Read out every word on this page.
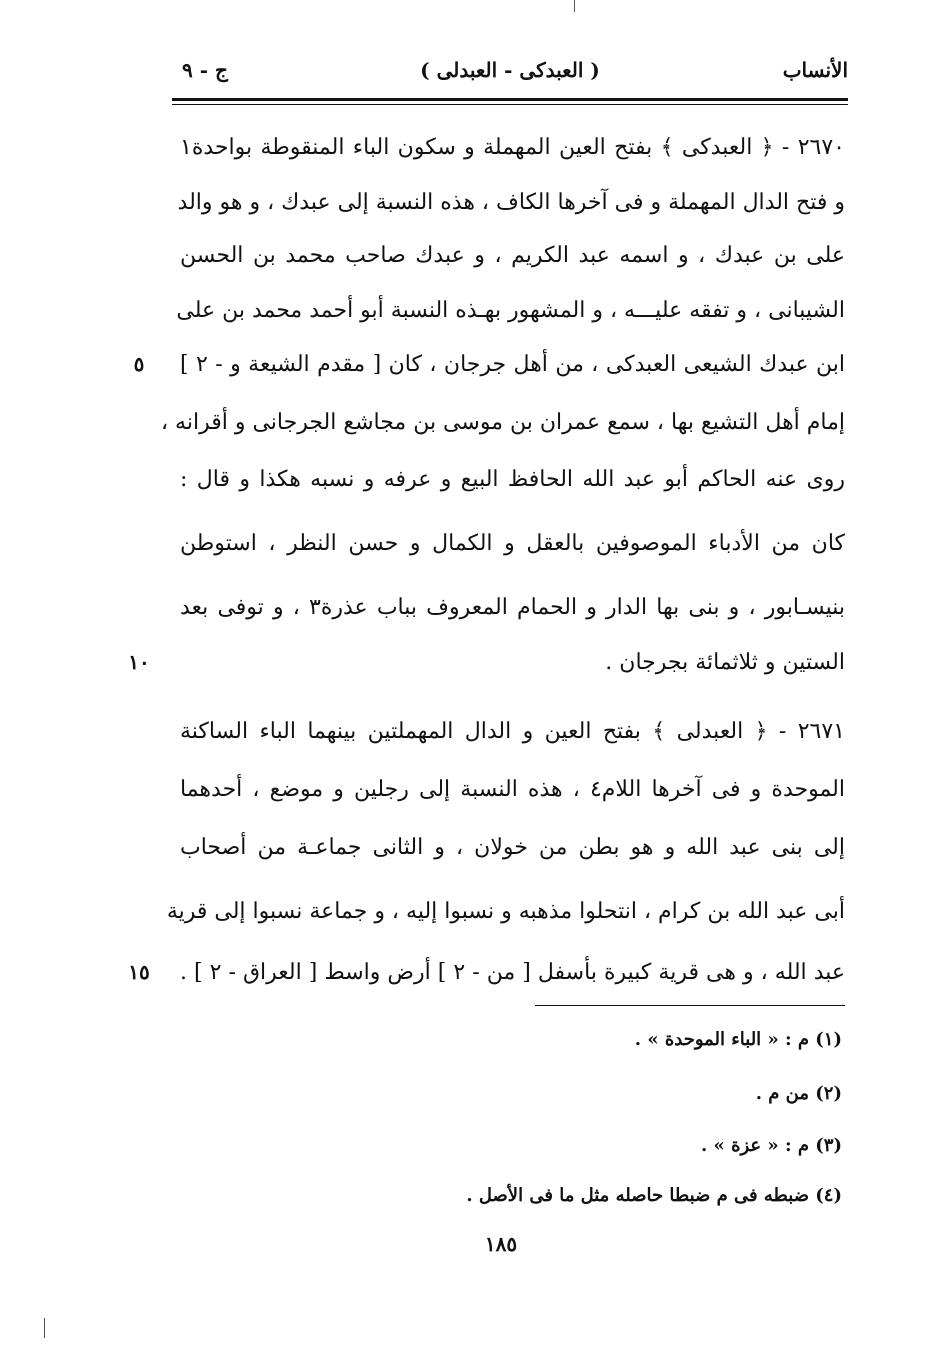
الأنساب
( العبدكى - العبدلى )
ج - ٩
٢٦٧٠ - ﴿ العبدكى ﴾ بفتح العين المهملة و سكون الباء المنقوطة بواحدة١
و فتح الدال المهملة و فى آخرها الكاف ، هذه النسبة إلى عبدك ، و هو والد
على بن عبدك ، و اسمه عبد الكريم ، و عبدك صاحب محمد بن الحسن
الشيبانى ، و تفقه عليـــه ، و المشهور بهـذه النسبة أبو أحمد محمد بن على
ابن عبدك الشيعى العبدكى ، من أهل جرجان ، كان [ مقدم الشيعة و - ٢ ]
إمام أهل التشيع بها ، سمع عمران بن موسى بن مجاشع الجرجانى و أقرانه ،
روى عنه الحاكم أبو عبد الله الحافظ البيع و عرفه و نسبه هكذا و قال :
كان من الأدباء الموصوفين بالعقل و الكمال و حسن النظر ، استوطن
بنيسـابور ، و بنى بها الدار و الحمام المعروف بباب عذرة٣ ، و توفى بعد
الستين و ثلاثمائة بجرجان .
٢٦٧١ - ﴿ العبدلى ﴾ بفتح العين و الدال المهملتين بينهما الباء الساكنة
الموحدة و فى آخرها اللام٤ ، هذه النسبة إلى رجلين و موضع ، أحدهما
إلى بنى عبد الله و هو بطن من خولان ، و الثانى جماعـة من أصحاب
أبى عبد الله بن كرام ، انتحلوا مذهبه و نسبوا إليه ، و جماعة نسبوا إلى قرية
عبد الله ، و هى قرية كبيرة بأسفل [ من - ٢ ] أرض واسط [ العراق - ٢ ] .
٥
١٠
١٥
(١) م : « الباء الموحدة » .
(٢) من م .
(٣) م : « عزة » .
(٤) ضبطه فى م ضبطا حاصله مثل ما فى الأصل .
١٨٥
